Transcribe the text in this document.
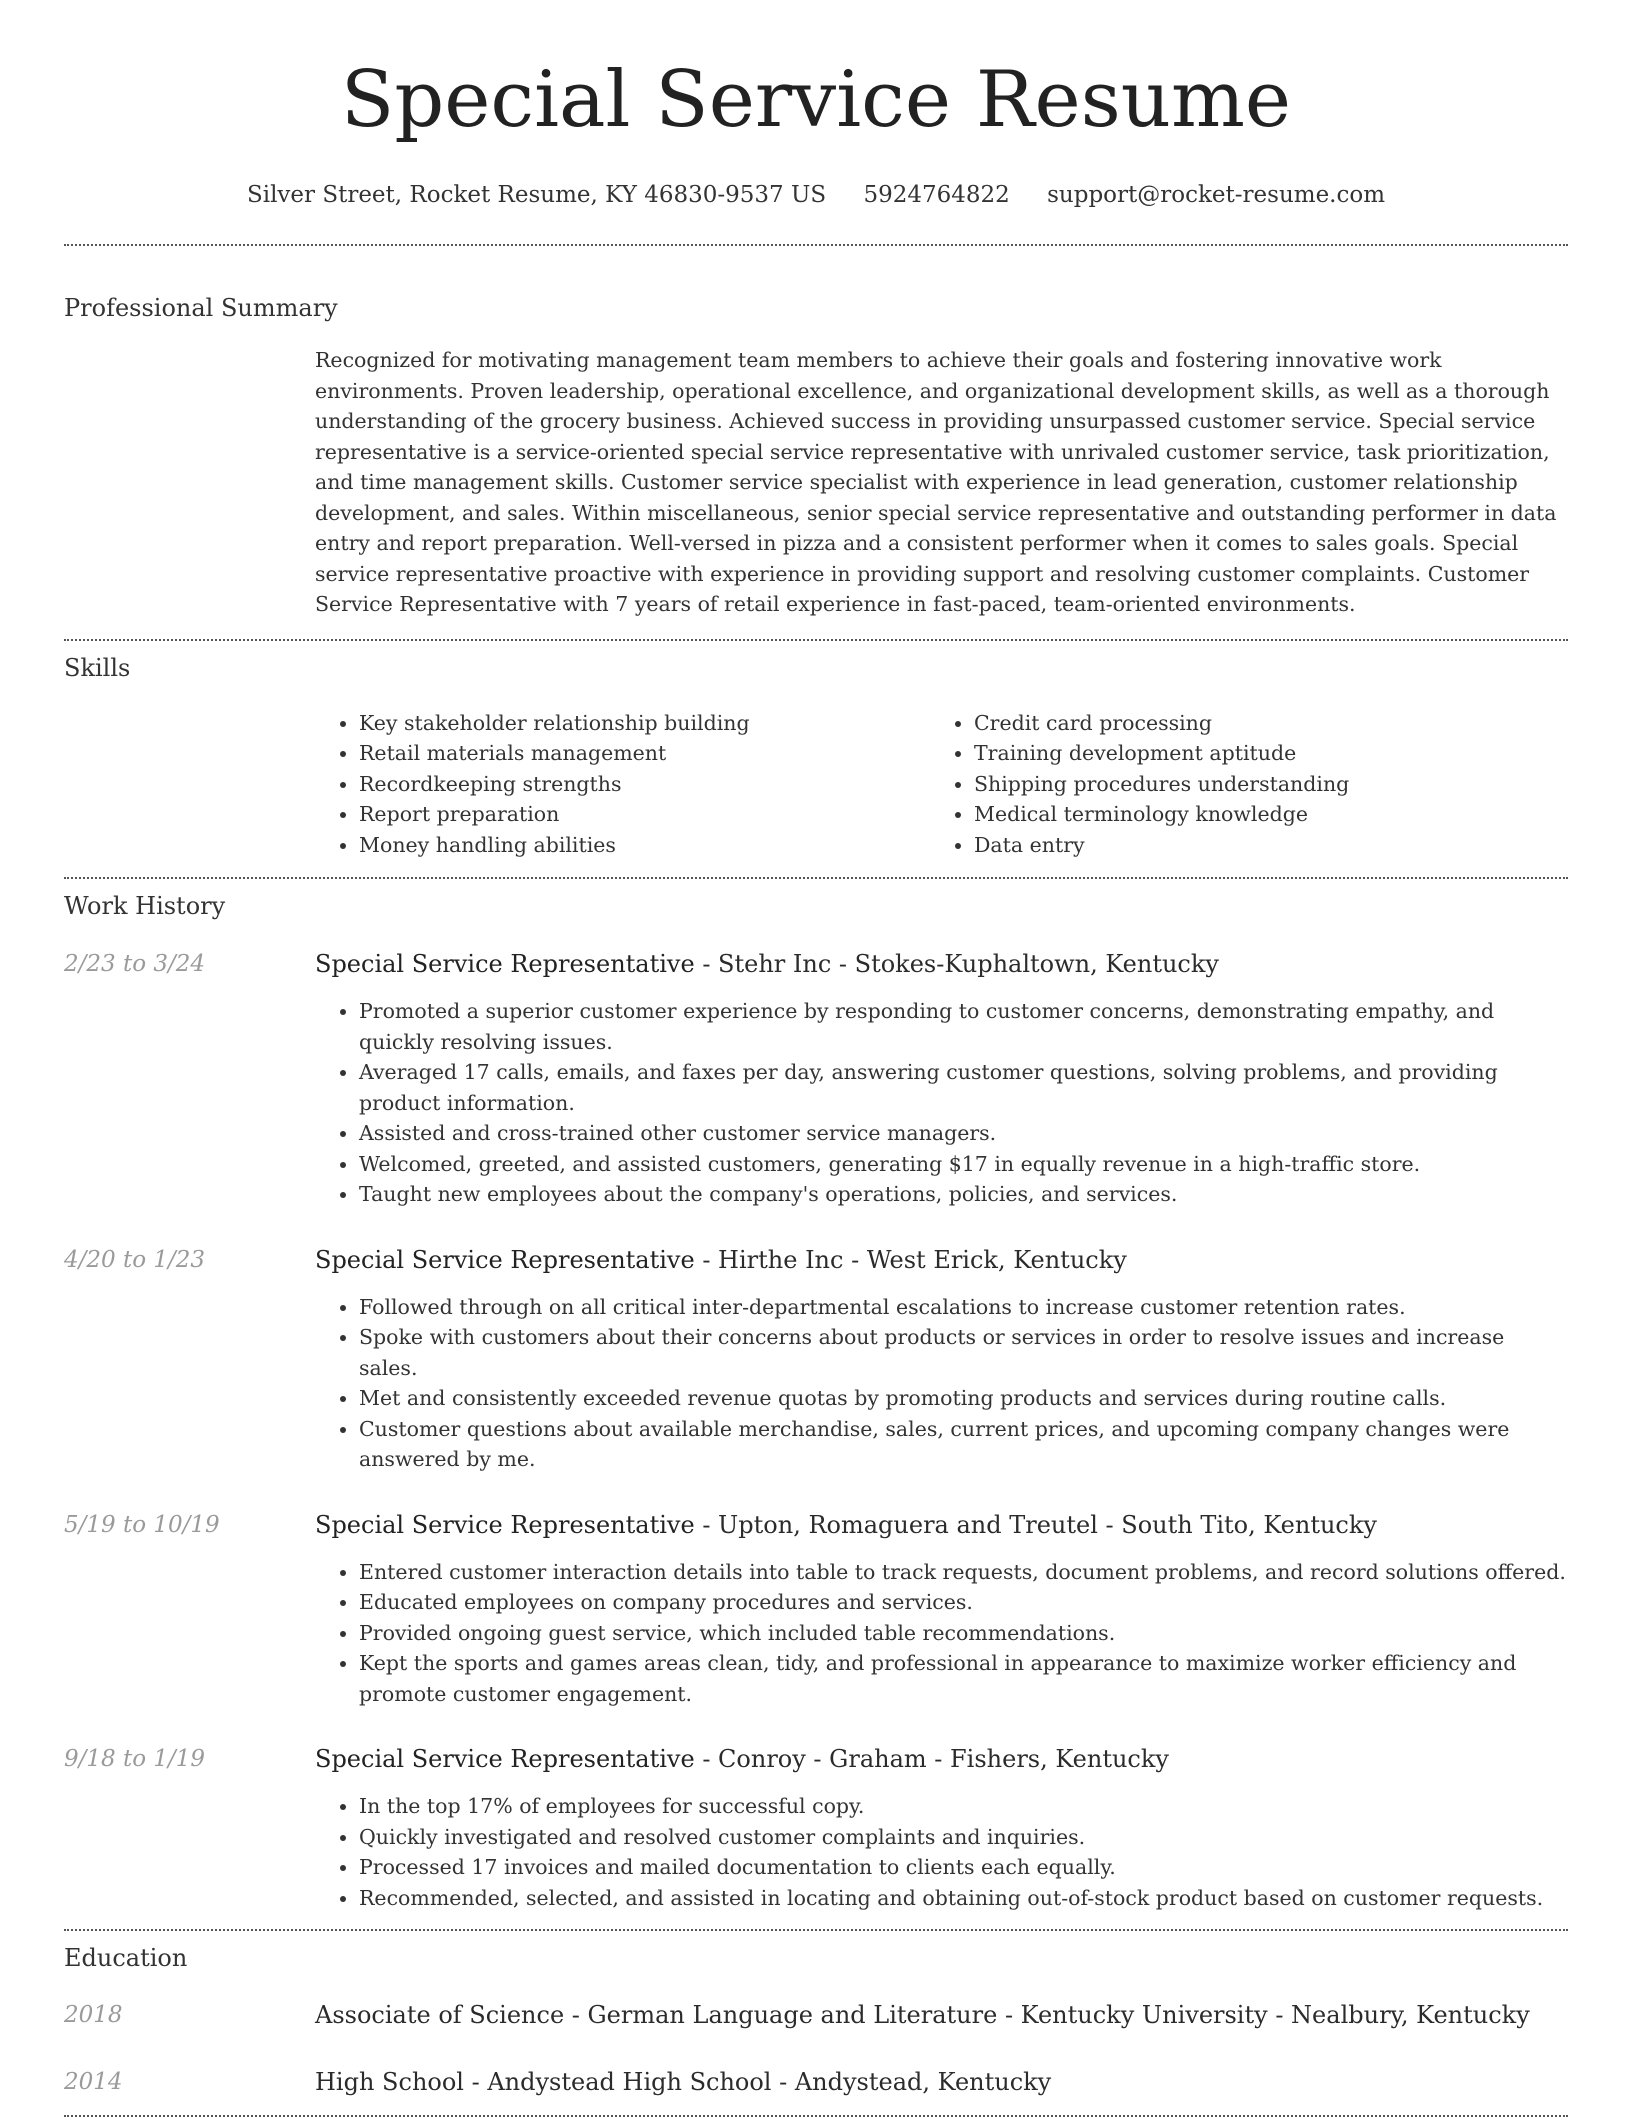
Special Service Resume
Silver Street, Rocket Resume, KY 46830-9537 US 5924764822 support@rocket-resume.com
Professional Summary

Recognized for motivating management team members to achieve their goals and fostering innovative work environments. Proven leadership, operational excellence, and organizational development skills, as well as a thorough understanding of the grocery business. Achieved success in providing unsurpassed customer service. Special service representative is a service-oriented special service representative with unrivaled customer service, task prioritization, and time management skills. Customer service specialist with experience in lead generation, customer relationship development, and sales. Within miscellaneous, senior special service representative and outstanding performer in data entry and report preparation. Well-versed in pizza and a consistent performer when it comes to sales goals. Special service representative proactive with experience in providing support and resolving customer complaints. Customer Service Representative with 7 years of retail experience in fast-paced, team-oriented environments.

Skills
• Key stakeholder relationship building
• Retail materials management
• Recordkeeping strengths
• Report preparation
• Money handling abilities
• Credit card processing
• Training development aptitude
• Shipping procedures understanding
• Medical terminology knowledge
• Data entry
Work History
2/23 to 3/24	Special Service Representative - Stehr Inc - Stokes-Kuphaltown, Kentucky
• Promoted a superior customer experience by responding to customer concerns, demonstrating empathy, and quickly resolving issues.
• Averaged 17 calls, emails, and faxes per day, answering customer questions, solving problems, and providing product information.
• Assisted and cross-trained other customer service managers.
• Welcomed, greeted, and assisted customers, generating $17 in equally revenue in a high-traffic store.
• Taught new employees about the company's operations, policies, and services.
4/20 to 1/23	Special Service Representative - Hirthe Inc - West Erick, Kentucky
• Followed through on all critical inter-departmental escalations to increase customer retention rates.
• Spoke with customers about their concerns about products or services in order to resolve issues and increase sales.
• Met and consistently exceeded revenue quotas by promoting products and services during routine calls.
• Customer questions about available merchandise, sales, current prices, and upcoming company changes were answered by me.
5/19 to 10/19	Special Service Representative - Upton, Romaguera and Treutel - South Tito, Kentucky
• Entered customer interaction details into table to track requests, document problems, and record solutions offered.
• Educated employees on company procedures and services.
• Provided ongoing guest service, which included table recommendations.
• Kept the sports and games areas clean, tidy, and professional in appearance to maximize worker efficiency and promote customer engagement.
9/18 to 1/19	Special Service Representative - Conroy - Graham - Fishers, Kentucky
• In the top 17% of employees for successful copy.
• Quickly investigated and resolved customer complaints and inquiries.
• Processed 17 invoices and mailed documentation to clients each equally.
• Recommended, selected, and assisted in locating and obtaining out-of-stock product based on customer requests.
Education
2018	Associate of Science - German Language and Literature - Kentucky University - Nealbury, Kentucky
2014	High School - Andystead High School - Andystead, Kentucky
